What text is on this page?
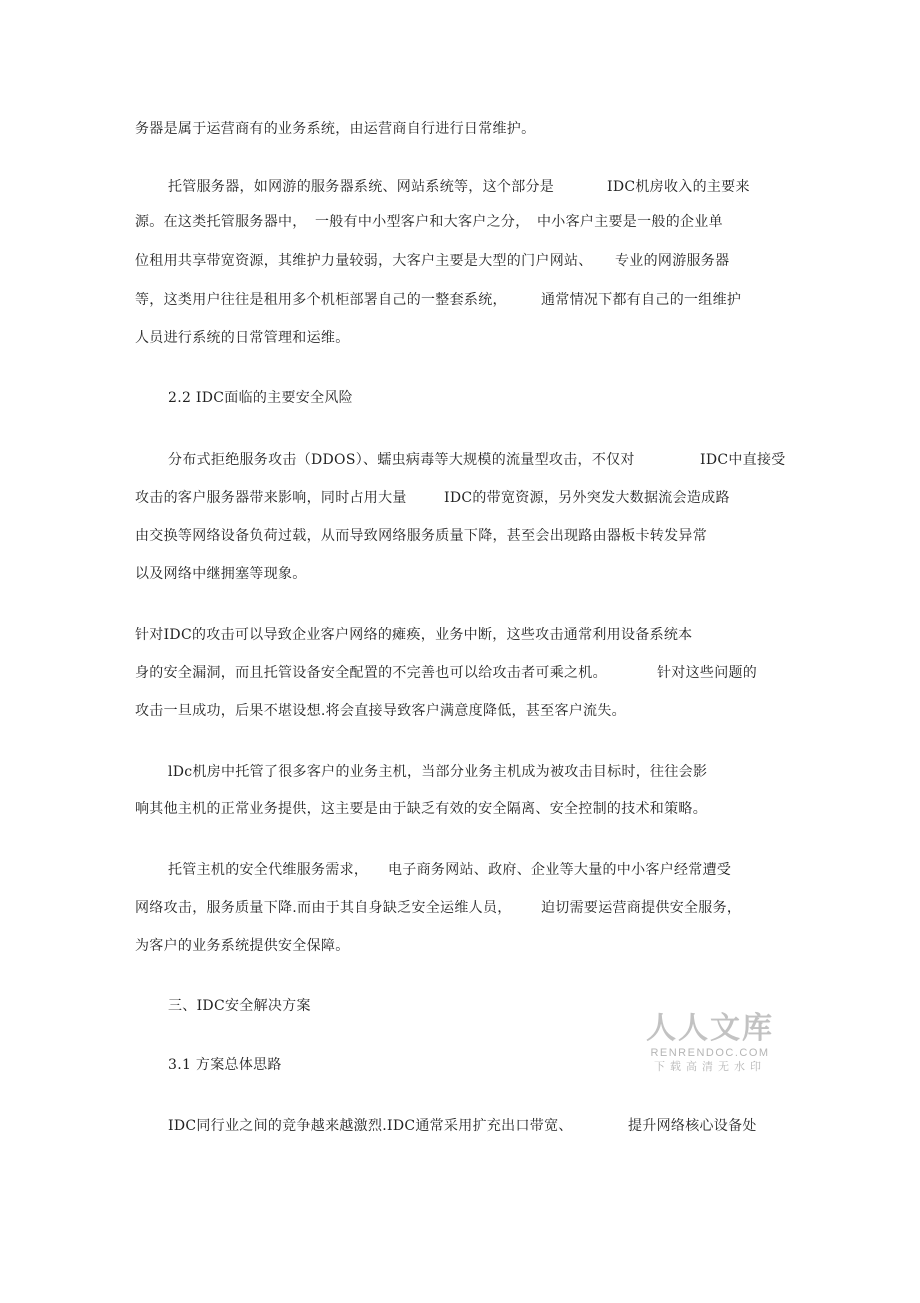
务器是属于运营商有的业务系统，由运营商自行进行日常维护。
托管服务器，如网游的服务器系统、网站系统等，这个部分是	IDC机房收入的主要来
源。在这类托管服务器中， 一般有中小型客户和大客户之分， 中小客户主要是一般的企业单
位租用共享带宽资源，其维护力量较弱，大客户主要是大型的门户网站、 专业的网游服务器
等，这类用户往往是租用多个机柜部署自己的一整套系统， 通常情况下都有自己的一组维护
人员进行系统的日常管理和运维。
2.2 IDC面临的主要安全风险
分布式拒绝服务攻击（DDOS）、蠕虫病毒等大规模的流量型攻击，不仅对	IDC中直接受
攻击的客户服务器带来影响，同时占用大量	IDC的带宽资源，另外突发大数据流会造成路
由交换等网络设备负荷过载，从而导致网络服务质量下降，甚至会出现路由器板卡转发异常
以及网络中继拥塞等现象。
针对IDC的攻击可以导致企业客户网络的瘫痪，业务中断，这些攻击通常利用设备系统本
身的安全漏洞，而且托管设备安全配置的不完善也可以给攻击者可乘之机。	针对这些问题的
攻击一旦成功，后果不堪设想.将会直接导致客户满意度降低，甚至客户流失。
lDc机房中托管了很多客户的业务主机，当部分业务主机成为被攻击目标时，往往会影
响其他主机的正常业务提供，这主要是由于缺乏有效的安全隔离、安全控制的技术和策略。
托管主机的安全代维服务需求， 电子商务网站、政府、企业等大量的中小客户经常遭受
网络攻击，服务质量下降.而由于其自身缺乏安全运维人员， 迫切需要运营商提供安全服务，
为客户的业务系统提供安全保障。
三、IDC安全解决方案
3.1 方案总体思路
IDC同行业之间的竞争越来越激烈.IDC通常采用扩充出口带宽、	提升网络核心设备处
人人文库
RENRENDOC.COM
下载高清无水印
